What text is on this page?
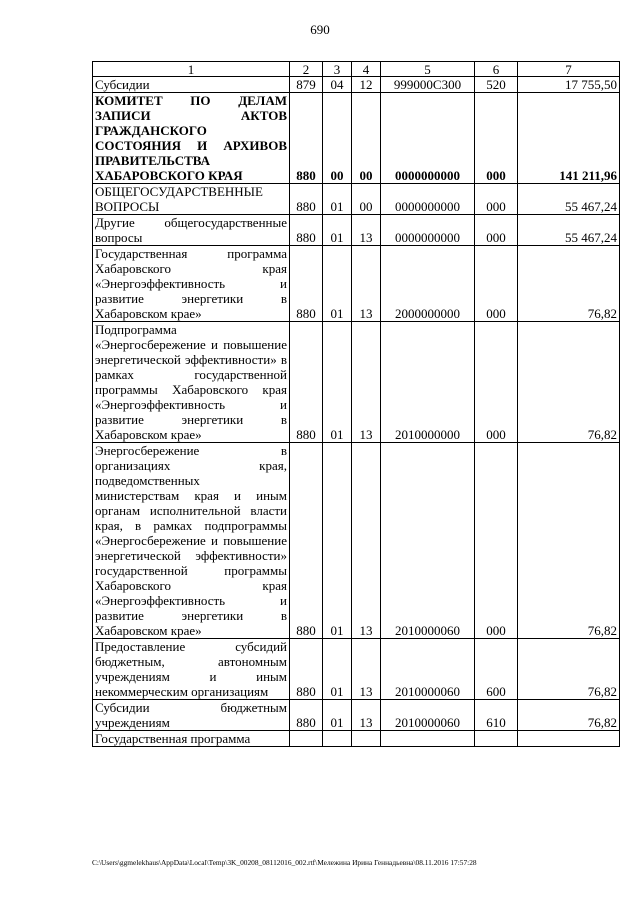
690
1	2	3	4	5	6	7
Субсидии	879	04	12	999000С300	520	17 755,50
КОМИТЕТ ПО ДЕЛАМ ЗАПИСИ АКТОВ ГРАЖДАНСКОГО СОСТОЯНИЯ И АРХИВОВ ПРАВИТЕЛЬСТВА ХАБАРОВСКОГО КРАЯ	880	00	00	0000000000	000	141 211,96
ОБЩЕГОСУДАРСТВЕННЫЕ ВОПРОСЫ	880	01	00	0000000000	000	55 467,24
Другие общегосударственные вопросы	880	01	13	0000000000	000	55 467,24
Государственная программа Хабаровского края «Энергоэффективность и развитие энергетики в Хабаровском крае»	880	01	13	2000000000	000	76,82
Подпрограмма «Энергосбережение и повышение энергетической эффективности» в рамках государственной программы Хабаровского края «Энергоэффективность и развитие энергетики в Хабаровском крае»	880	01	13	2010000000	000	76,82
Энергосбережение в организациях края, подведомственных министерствам края и иным органам исполнительной власти края, в рамках подпрограммы «Энергосбережение и повышение энергетической эффективности» государственной программы Хабаровского края «Энергоэффективность и развитие энергетики в Хабаровском крае»	880	01	13	2010000060	000	76,82
Предоставление субсидий бюджетным, автономным учреждениям и иным некоммерческим организациям	880	01	13	2010000060	600	76,82
Субсидии бюджетным учреждениям	880	01	13	2010000060	610	76,82
Государственная программа						
C:\Users\ggmelekhaus\AppData\Local\Temp\3K_00208_08112016_002.rtf\Мележина Ирина Геннадьевна\08.11.2016 17:57:28
